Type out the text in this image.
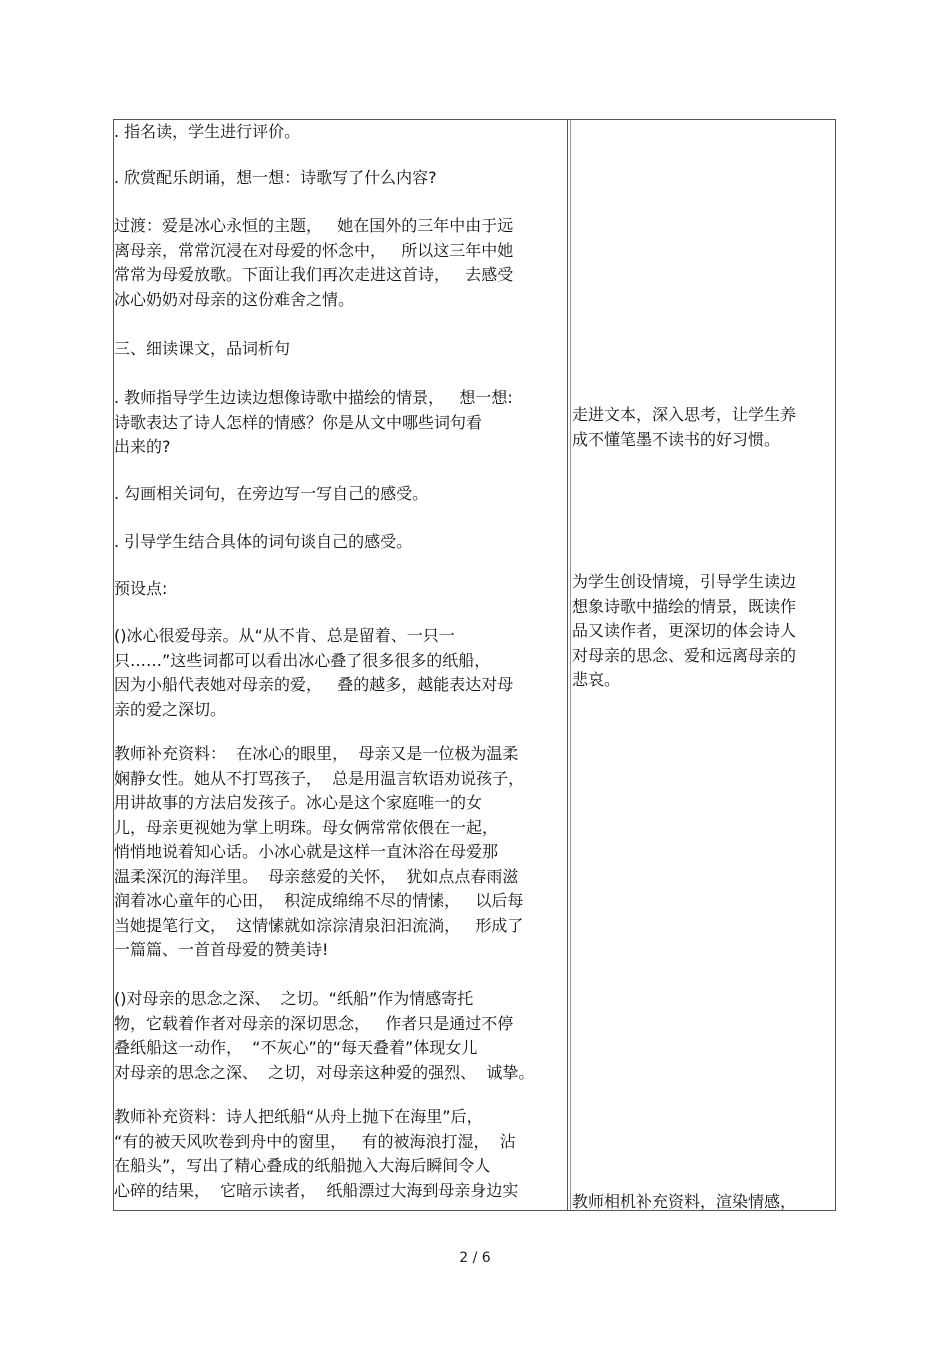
. 指名读，学生进行评价。
. 欣赏配乐朗诵，想一想：诗歌写了什么内容?
过渡：爱是冰心永恒的主题，   她在国外的三年中由于远
离母亲，常常沉浸在对母爱的怀念中，   所以这三年中她
常常为母爱放歌。下面让我们再次走进这首诗，   去感受
冰心奶奶对母亲的这份难舍之情。
三、细读课文，品词析句
. 教师指导学生边读边想像诗歌中描绘的情景，   想一想:
诗歌表达了诗人怎样的情感？你是从文中哪些词句看
出来的?
. 勾画相关词句，在旁边写一写自己的感受。
. 引导学生结合具体的词句谈自己的感受。
预设点:
()冰心很爱母亲。从“从不肯、总是留着、一只一
只……”这些词都可以看出冰心叠了很多很多的纸船，
因为小船代表她对母亲的爱，   叠的越多，越能表达对母
亲的爱之深切。
教师补充资料：  在冰心的眼里，  母亲又是一位极为温柔
娴静女性。她从不打骂孩子，  总是用温言软语劝说孩子，
用讲故事的方法启发孩子。冰心是这个家庭唯一的女
儿，母亲更视她为掌上明珠。母女俩常常依偎在一起，
悄悄地说着知心话。小冰心就是这样一直沐浴在母爱那
温柔深沉的海洋里。  母亲慈爱的关怀，  犹如点点春雨滋
润着冰心童年的心田，  积淀成绵绵不尽的情愫，   以后每
当她提笔行文，  这情愫就如淙淙清泉汩汩流淌，   形成了
一篇篇、一首首母爱的赞美诗!
()对母亲的思念之深、  之切。“纸船”作为情感寄托
物，它载着作者对母亲的深切思念，   作者只是通过不停
叠纸船这一动作，  “不灰心”的“每天叠着”体现女儿
对母亲的思念之深、  之切，对母亲这种爱的强烈、  诚挚。
教师补充资料：诗人把纸船“从舟上抛下在海里”后，
“有的被天风吹卷到舟中的窗里，   有的被海浪打湿，  沾
在船头”，写出了精心叠成的纸船抛入大海后瞬间令人
心碎的结果，  它暗示读者，  纸船漂过大海到母亲身边实
走进文本，深入思考，让学生养
成不懂笔墨不读书的好习惯。
为学生创设情境，引导学生读边
想象诗歌中描绘的情景，既读作
品又读作者，更深切的体会诗人
对母亲的思念、爱和远离母亲的
悲哀。
教师相机补充资料，渲染情感，
2 / 6
